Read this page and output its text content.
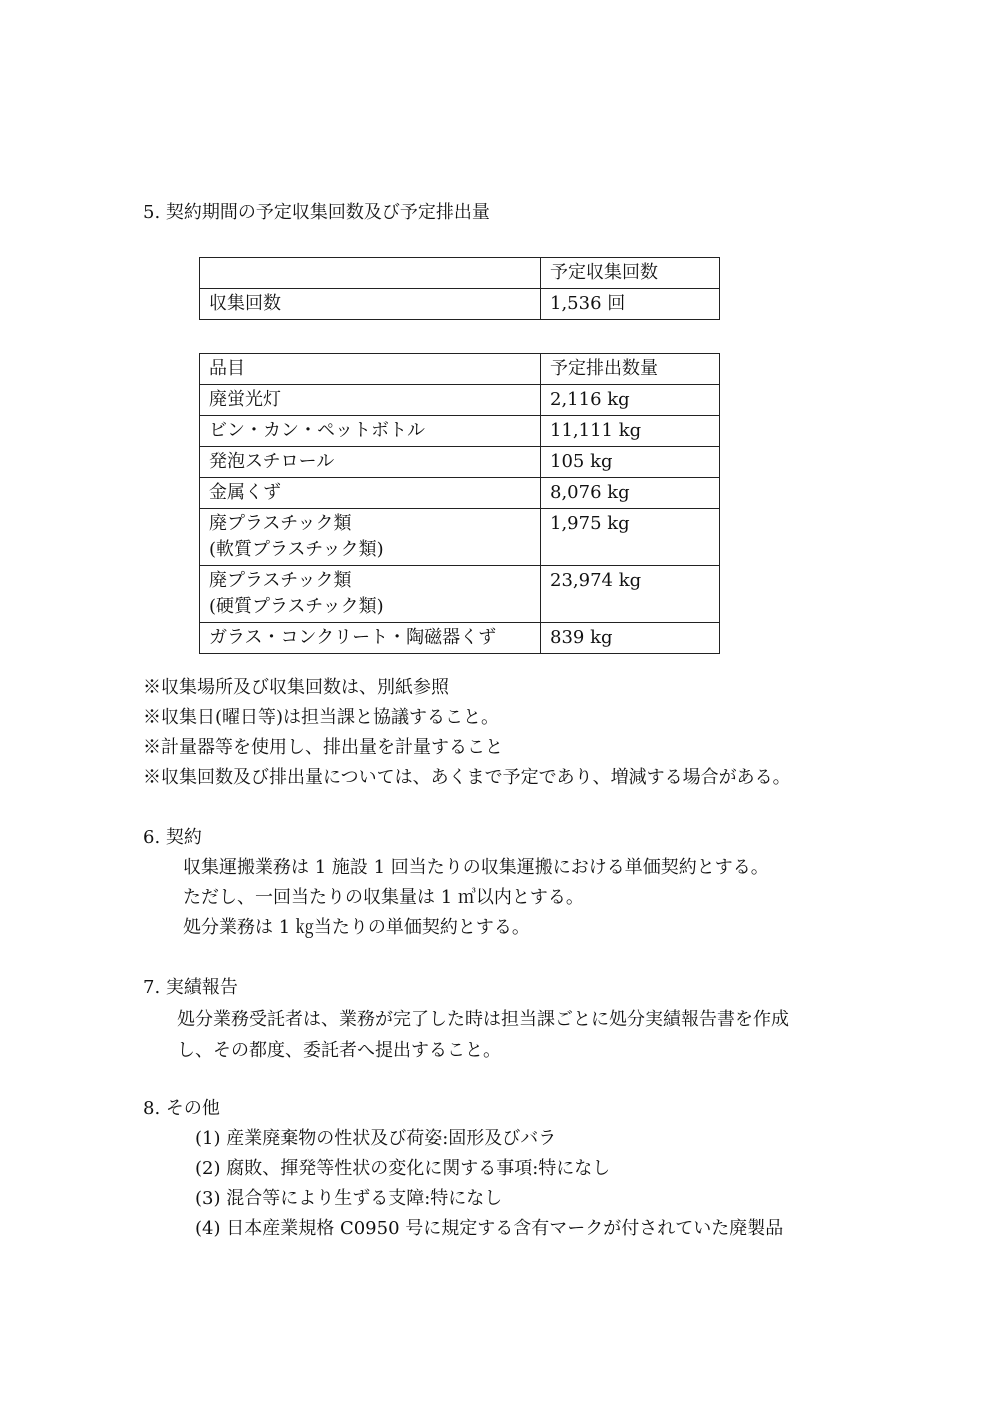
5. 契約期間の予定収集回数及び予定排出量
	予定収集回数
収集回数	1,536 回
品目	予定排出数量
廃蛍光灯	2,116 kg
ビン・カン・ペットボトル	11,111 kg
発泡スチロール	105 kg
金属くず	8,076 kg

廃プラスチック類
(軟質プラスチック類)	1,975 kg

廃プラスチック類
(硬質プラスチック類)	23,974 kg
ガラス・コンクリート・陶磁器くず	839 kg
※収集場所及び収集回数は、別紙参照
※収集日(曜日等)は担当課と協議すること。
※計量器等を使用し、排出量を計量すること
※収集回数及び排出量については、あくまで予定であり、増減する場合がある。
6. 契約
収集運搬業務は 1 施設 1 回当たりの収集運搬における単価契約とする。
ただし、一回当たりの収集量は 1 ㎥以内とする。
処分業務は 1 ㎏当たりの単価契約とする。
7. 実績報告
処分業務受託者は、業務が完了した時は担当課ごとに処分実績報告書を作成
し、その都度、委託者へ提出すること。
8. その他
(1) 産業廃棄物の性状及び荷姿:固形及びバラ
(2) 腐敗、揮発等性状の変化に関する事項:特になし
(3) 混合等により生ずる支障:特になし
(4) 日本産業規格 C0950 号に規定する含有マークが付されていた廃製品
